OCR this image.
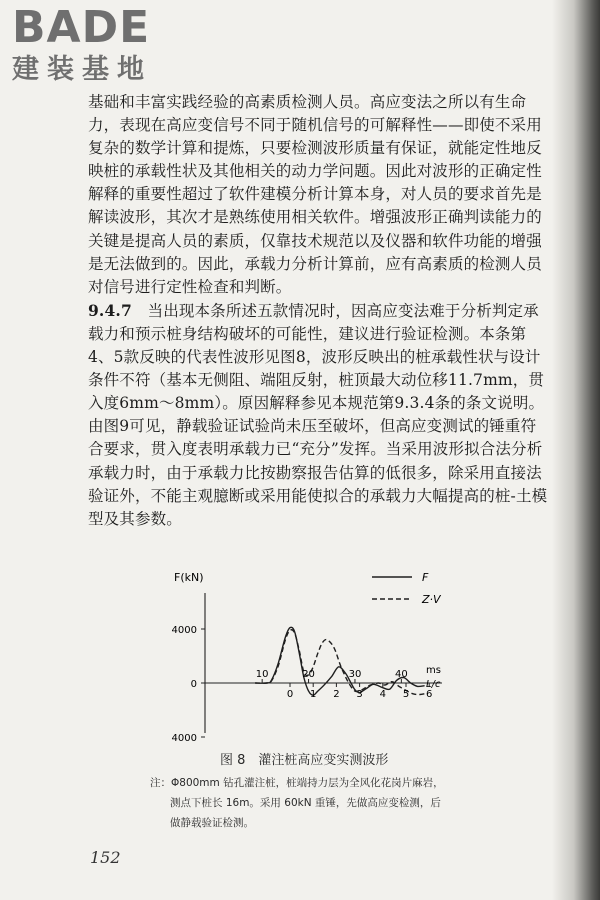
BADE
建装基地

基础和丰富实践经验的高素质检测人员。高应变法之所以有生命力，表现在高应变信号不同于随机信号的可解释性——即使不采用复杂的数学计算和提炼，只要检测波形质量有保证，就能定性地反映桩的承载性状及其他相关的动力学问题。因此对波形的正确定性解释的重要性超过了软件建模分析计算本身，对人员的要求首先是解读波形，其次才是熟练使用相关软件。增强波形正确判读能力的关键是提高人员的素质，仅靠技术规范以及仪器和软件功能的增强是无法做到的。因此，承载力分析计算前，应有高素质的检测人员对信号进行定性检查和判断。

9.4.7　 当出现本条所述五款情况时，因高应变法难于分析判定承载力和预示桩身结构破坏的可能性，建议进行验证检测。本条第4、5款反映的代表性波形见图8，波形反映出的桩承载性状与设计条件不符（基本无侧阻、端阻反射，桩顶最大动位移11.7mm，贯入度6mm～8mm）。原因解释参见本规范第9.3.4条的条文说明。由图9可见，静载验证试验尚未压至破坏，但高应变测试的锤重符合要求，贯入度表明承载力已“充分”发挥。当采用波形拟合法分析承载力时，由于承载力比按勘察报告估算的低很多，除采用直接法验证外，不能主观臆断或采用能使拟合的承载力大幅提高的桩-土模型及其参数。

F(kN)
4000
0
4000
0 1 2 3 4 5 6
10	20	30	40 ms
L/c
F
Z·V
图 8　灌注桩高应变实测波形
注：Φ800mm 钻孔灌注桩，桩端持力层为全风化花岗片麻岩，
测点下桩长 16m。采用 60kN 重锤，先做高应变检测，后
做静载验证检测。
152
